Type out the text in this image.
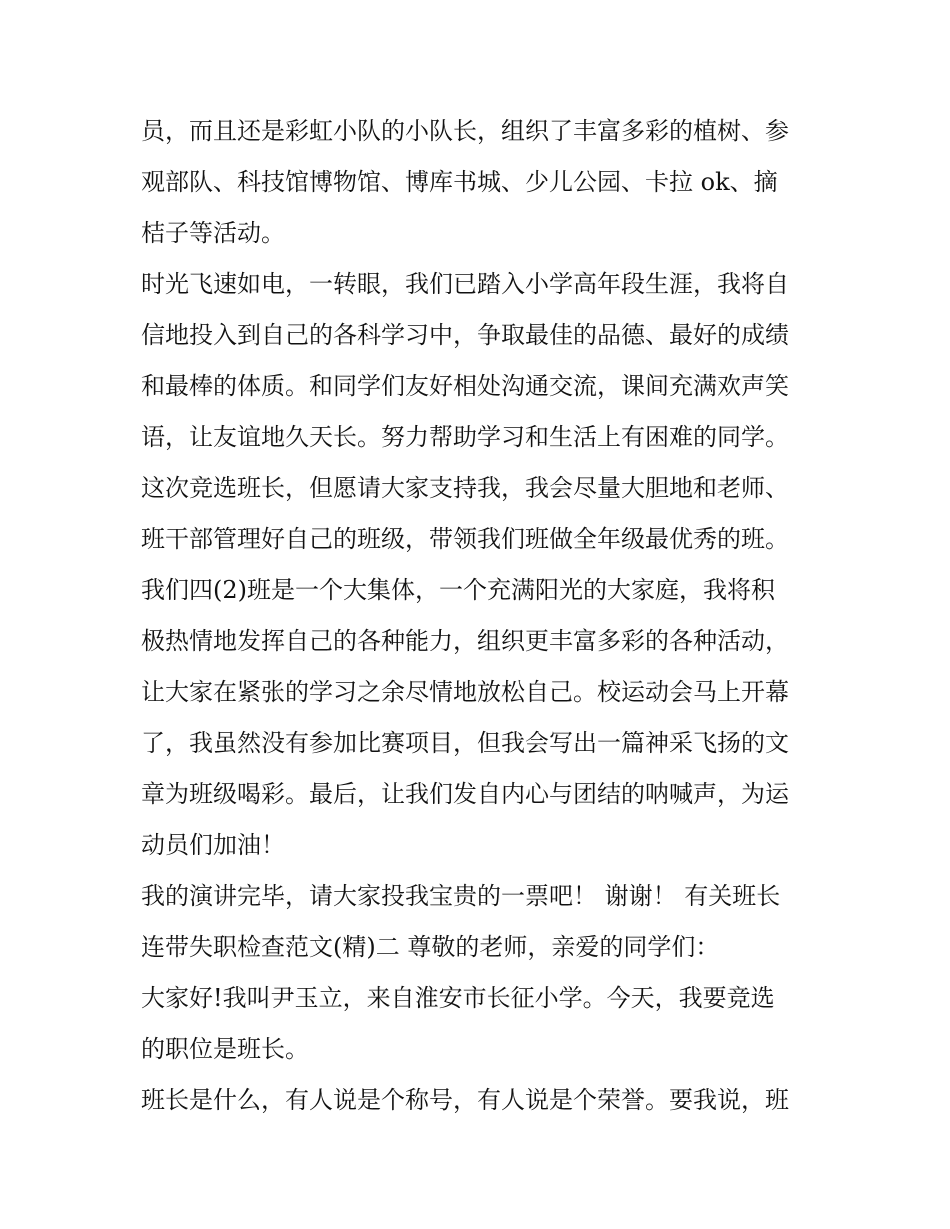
员，而且还是彩虹小队的小队长，组织了丰富多彩的植树、参
观部队、科技馆博物馆、博库书城、少儿公园、卡拉 ok、摘
桔子等活动。
时光飞速如电，一转眼，我们已踏入小学高年段生涯，我将自
信地投入到自己的各科学习中，争取最佳的品德、最好的成绩
和最棒的体质。和同学们友好相处沟通交流，课间充满欢声笑
语，让友谊地久天长。努力帮助学习和生活上有困难的同学。
这次竞选班长，但愿请大家支持我，我会尽量大胆地和老师、
班干部管理好自己的班级，带领我们班做全年级最优秀的班。
我们四(2)班是一个大集体，一个充满阳光的大家庭，我将积
极热情地发挥自己的各种能力，组织更丰富多彩的各种活动，
让大家在紧张的学习之余尽情地放松自己。校运动会马上开幕
了，我虽然没有参加比赛项目，但我会写出一篇神采飞扬的文
章为班级喝彩。最后，让我们发自内心与团结的呐喊声，为运
动员们加油！
我的演讲完毕，请大家投我宝贵的一票吧！ 谢谢！ 有关班长
连带失职检查范文(精)二 尊敬的老师，亲爱的同学们：
大家好!我叫尹玉立，来自淮安市长征小学。今天，我要竞选
的职位是班长。
班长是什么，有人说是个称号，有人说是个荣誉。要我说，班
